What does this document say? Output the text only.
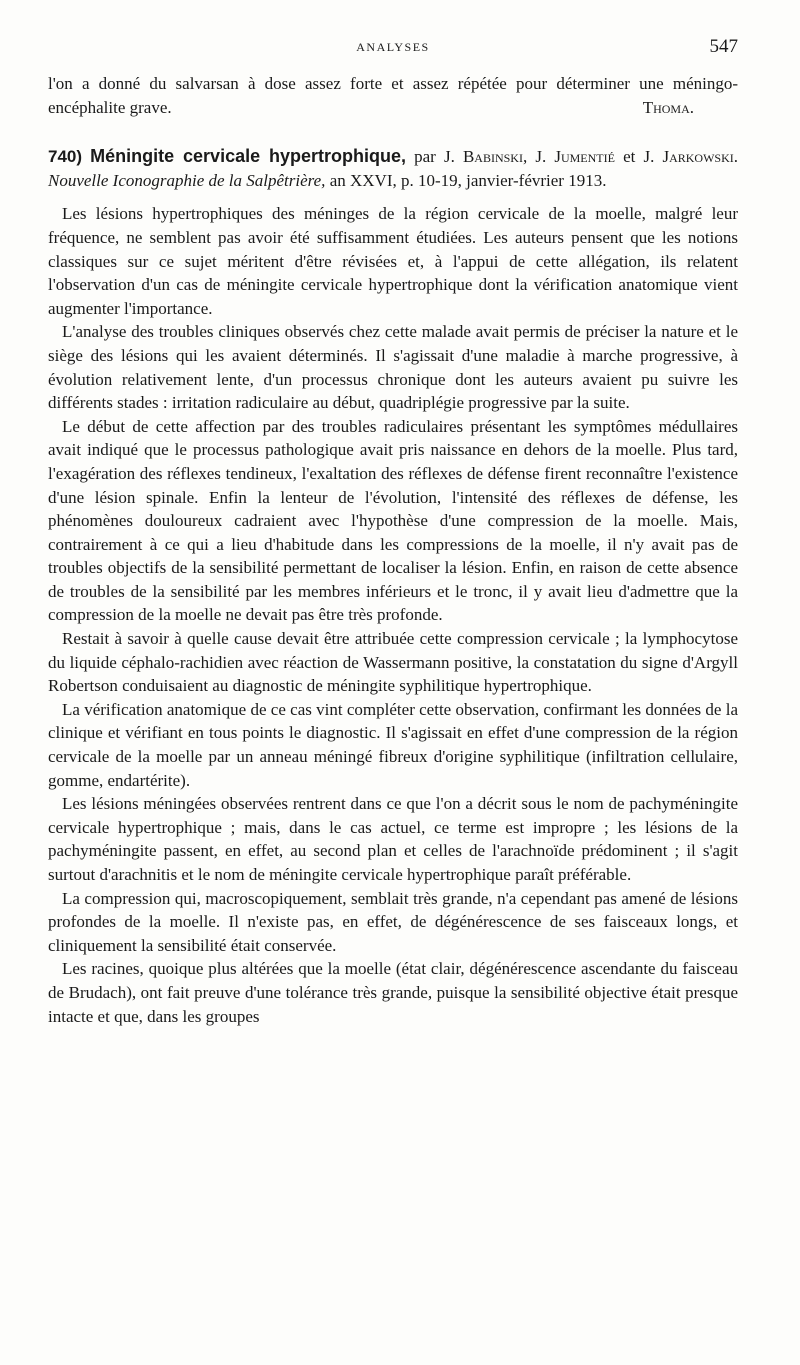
ANALYSES	547

l'on a donné du salvarsan à dose assez forte et assez répétée pour déterminer une méningo-encéphalite grave.	Thoma.

740) Méningite cervicale hypertrophique, par J. Babinski, J. Jumentié et J. Jarkowski. Nouvelle Iconographie de la Salpêtrière, an XXVI, p. 10-19, janvier-février 1913.

Les lésions hypertrophiques des méninges de la région cervicale de la moelle, malgré leur fréquence, ne semblent pas avoir été suffisamment étudiées. Les auteurs pensent que les notions classiques sur ce sujet méritent d'être révisées et, à l'appui de cette allégation, ils relatent l'observation d'un cas de méningite cervicale hypertrophique dont la vérification anatomique vient augmenter l'importance.

L'analyse des troubles cliniques observés chez cette malade avait permis de préciser la nature et le siège des lésions qui les avaient déterminés. Il s'agissait d'une maladie à marche progressive, à évolution relativement lente, d'un processus chronique dont les auteurs avaient pu suivre les différents stades : irritation radiculaire au début, quadriplégie progressive par la suite.

Le début de cette affection par des troubles radiculaires présentant les symptômes médullaires avait indiqué que le processus pathologique avait pris naissance en dehors de la moelle. Plus tard, l'exagération des réflexes tendineux, l'exaltation des réflexes de défense firent reconnaître l'existence d'une lésion spinale. Enfin la lenteur de l'évolution, l'intensité des réflexes de défense, les phénomènes douloureux cadraient avec l'hypothèse d'une compression de la moelle. Mais, contrairement à ce qui a lieu d'habitude dans les compressions de la moelle, il n'y avait pas de troubles objectifs de la sensibilité permettant de localiser la lésion. Enfin, en raison de cette absence de troubles de la sensibilité par les membres inférieurs et le tronc, il y avait lieu d'admettre que la compression de la moelle ne devait pas être très profonde.

Restait à savoir à quelle cause devait être attribuée cette compression cervicale ; la lymphocytose du liquide céphalo-rachidien avec réaction de Wassermann positive, la constatation du signe d'Argyll Robertson conduisaient au diagnostic de méningite syphilitique hypertrophique.

La vérification anatomique de ce cas vint compléter cette observation, confirmant les données de la clinique et vérifiant en tous points le diagnostic. Il s'agissait en effet d'une compression de la région cervicale de la moelle par un anneau méningé fibreux d'origine syphilitique (infiltration cellulaire, gomme, endartérite).

Les lésions méningées observées rentrent dans ce que l'on a décrit sous le nom de pachyméningite cervicale hypertrophique ; mais, dans le cas actuel, ce terme est impropre ; les lésions de la pachyméningite passent, en effet, au second plan et celles de l'arachnoïde prédominent ; il s'agit surtout d'arachnitis et le nom de méningite cervicale hypertrophique paraît préférable.

La compression qui, macroscopiquement, semblait très grande, n'a cependant pas amené de lésions profondes de la moelle. Il n'existe pas, en effet, de dégénérescence de ses faisceaux longs, et cliniquement la sensibilité était conservée.

Les racines, quoique plus altérées que la moelle (état clair, dégénérescence ascendante du faisceau de Brudach), ont fait preuve d'une tolérance très grande, puisque la sensibilité objective était presque intacte et que, dans les groupes
